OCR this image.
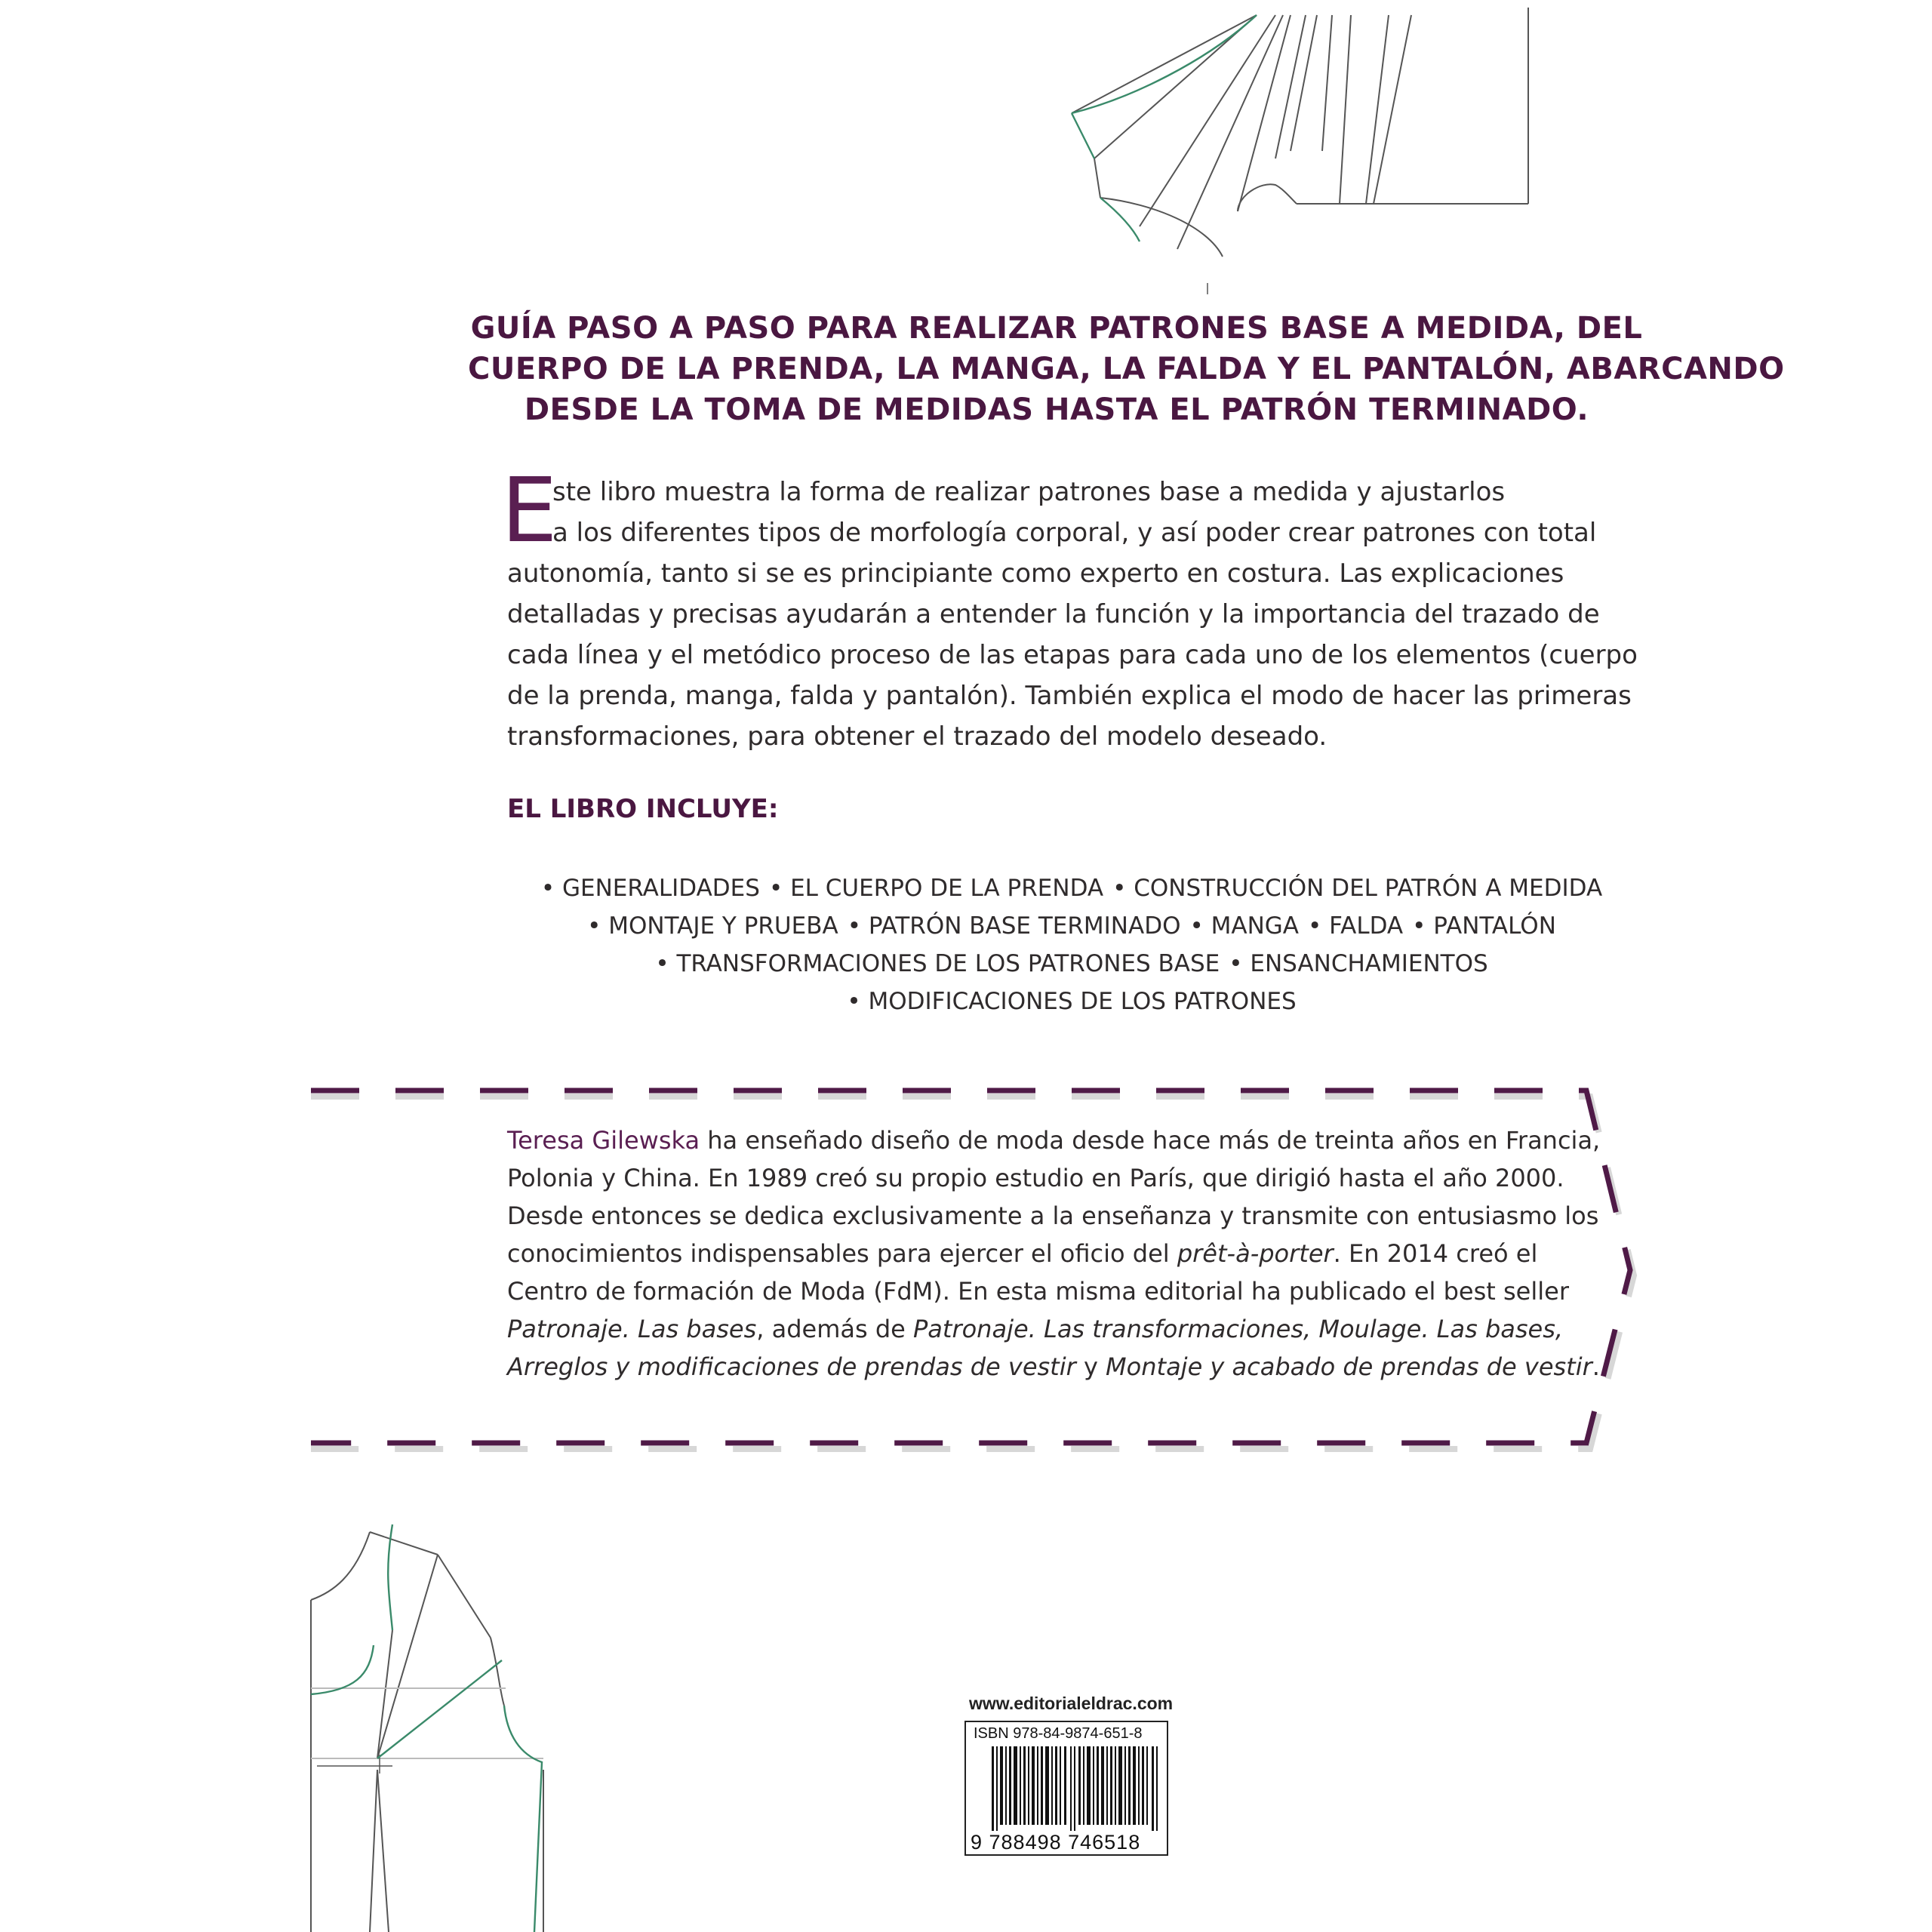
GUÍA PASO A PASO PARA REALIZAR PATRONES BASE A MEDIDA, DEL
CUERPO DE LA PRENDA, LA MANGA, LA FALDA Y EL PANTALÓN, ABARCANDO
DESDE LA TOMA DE MEDIDAS HASTA EL PATRÓN TERMINADO.
E
ste libro muestra la forma de realizar patrones base a medida y ajustarlos
a los diferentes tipos de morfología corporal, y así poder crear patrones con total
autonomía, tanto si se es principiante como experto en costura. Las explicaciones
detalladas y precisas ayudarán a entender la función y la importancia del trazado de
cada línea y el metódico proceso de las etapas para cada uno de los elementos (cuerpo
de la prenda, manga, falda y pantalón). También explica el modo de hacer las primeras
transformaciones, para obtener el trazado del modelo deseado.
EL LIBRO INCLUYE:
• GENERALIDADES • EL CUERPO DE LA PRENDA • CONSTRUCCIÓN DEL PATRÓN A MEDIDA
• MONTAJE Y PRUEBA • PATRÓN BASE TERMINADO • MANGA • FALDA • PANTALÓN
• TRANSFORMACIONES DE LOS PATRONES BASE • ENSANCHAMIENTOS
• MODIFICACIONES DE LOS PATRONES
Teresa Gilewska ha enseñado diseño de moda desde hace más de treinta años en Francia,
Polonia y China. En 1989 creó su propio estudio en París, que dirigió hasta el año 2000.
Desde entonces se dedica exclusivamente a la enseñanza y transmite con entusiasmo los
conocimientos indispensables para ejercer el oficio del prêt-à-porter. En 2014 creó el
Centro de formación de Moda (FdM). En esta misma editorial ha publicado el best seller
Patronaje. Las bases, además de Patronaje. Las transformaciones, Moulage. Las bases,
Arreglos y modificaciones de prendas de vestir y Montaje y acabado de prendas de vestir.
www.editorialeldrac.com
ISBN 978-84-9874-651-8
9 788498 746518
